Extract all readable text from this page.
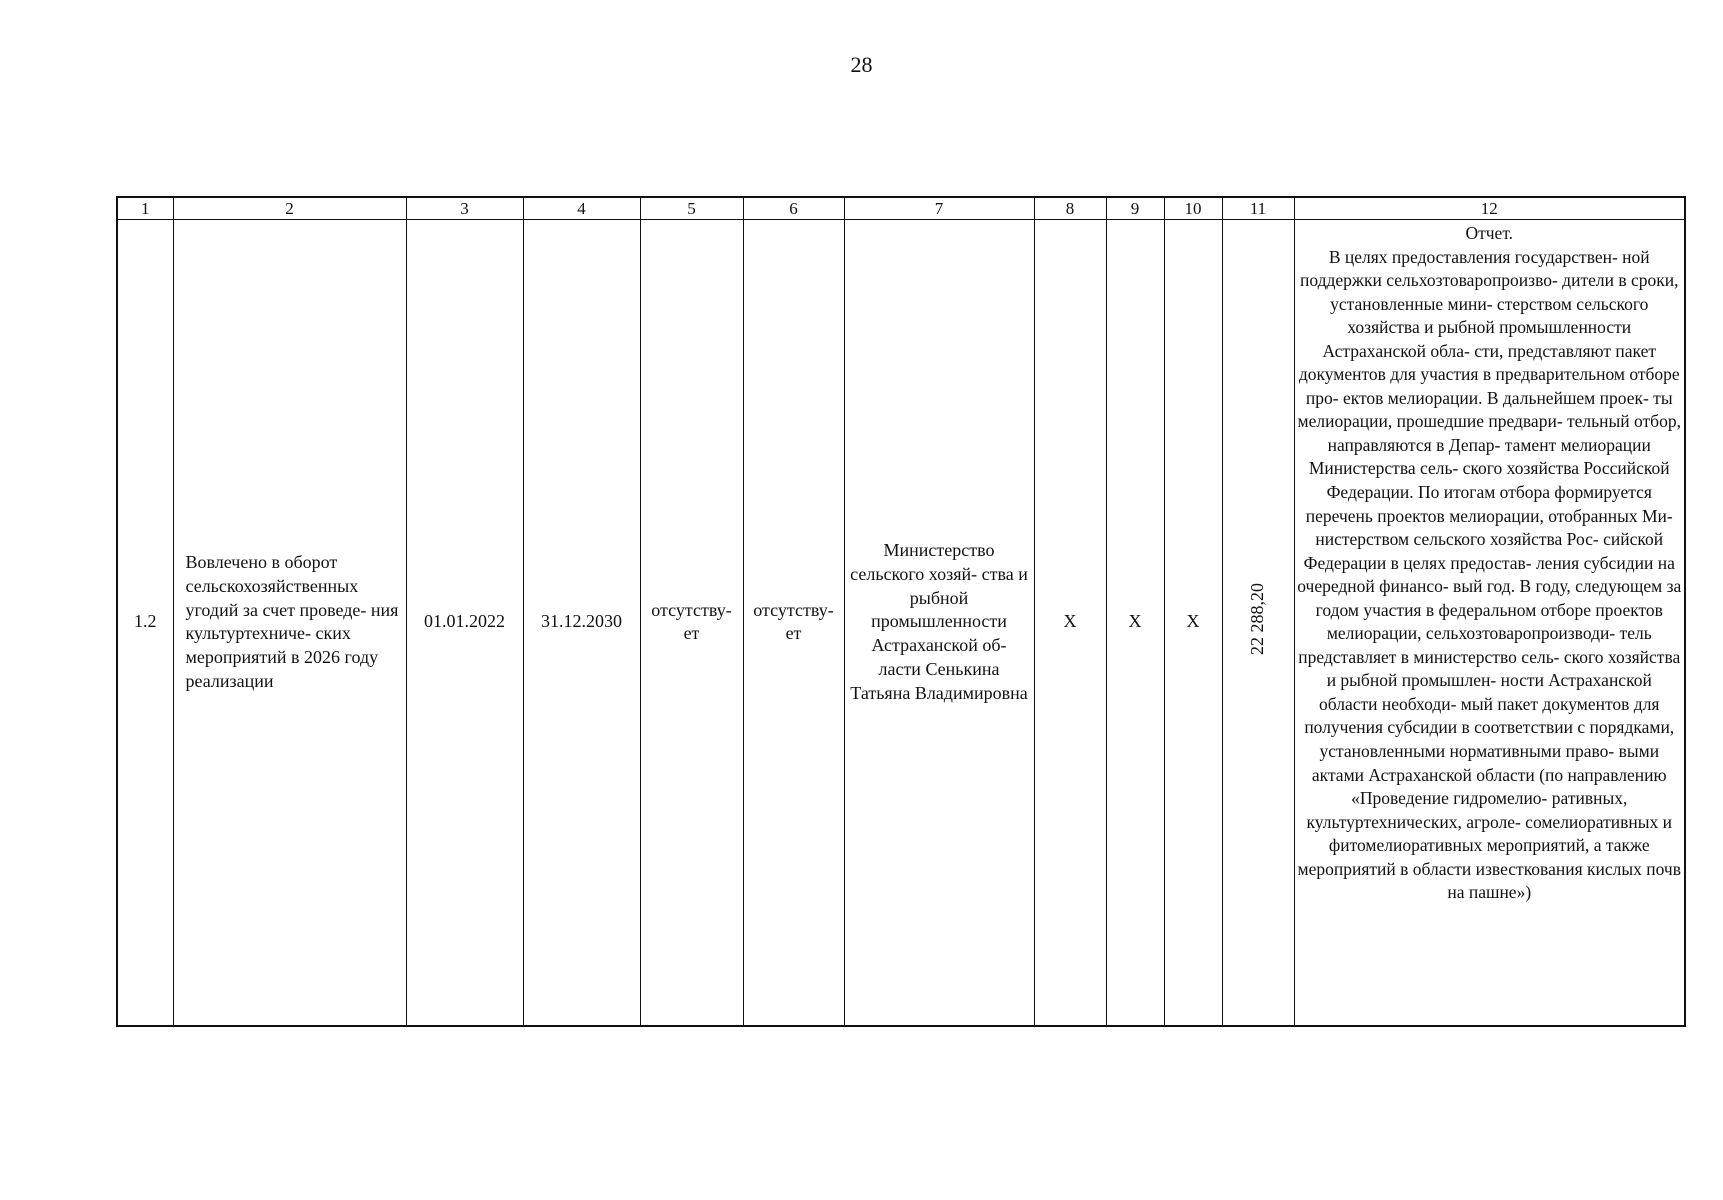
28
1	2	3	4	5	6	7	8	9	10	11	12
1.2	Вовлечено в оборот сельскохозяйственных угодий за счет проведе- ния культуртехниче- ских мероприятий в 2026 году реализации	01.01.2022	31.12.2030	отсутству- ет	отсутству- ет	Министерство сельского хозяй- ства и рыбной промышленности Астраханской об- ласти Сенькина Татьяна Владимировна	X	X	X	22 288,20	Отчет.
В целях предоставления государствен- ной поддержки сельхозтоваропроизво- дители в сроки, установленные мини- стерством сельского хозяйства и рыбной промышленности Астраханской обла- сти, представляют пакет документов для участия в предварительном отборе про- ектов мелиорации. В дальнейшем проек- ты мелиорации, прошедшие предвари- тельный отбор, направляются в Депар- тамент мелиорации Министерства сель- ского хозяйства Российской Федерации. По итогам отбора формируется перечень проектов мелиорации, отобранных Ми- нистерством сельского хозяйства Рос- сийской Федерации в целях предостав- ления субсидии на очередной финансо- вый год. В году, следующем за годом участия в федеральном отборе проектов мелиорации, сельхозтоваропроизводи- тель представляет в министерство сель- ского хозяйства и рыбной промышлен- ности Астраханской области необходи- мый пакет документов для получения субсидии в соответствии с порядками, установленными нормативными право- выми актами Астраханской области (по направлению «Проведение гидромелио- ративных, культуртехнических, агроле- сомелиоративных и фитомелиоративных мероприятий, а также мероприятий в области известкования кислых почв на пашне»)
